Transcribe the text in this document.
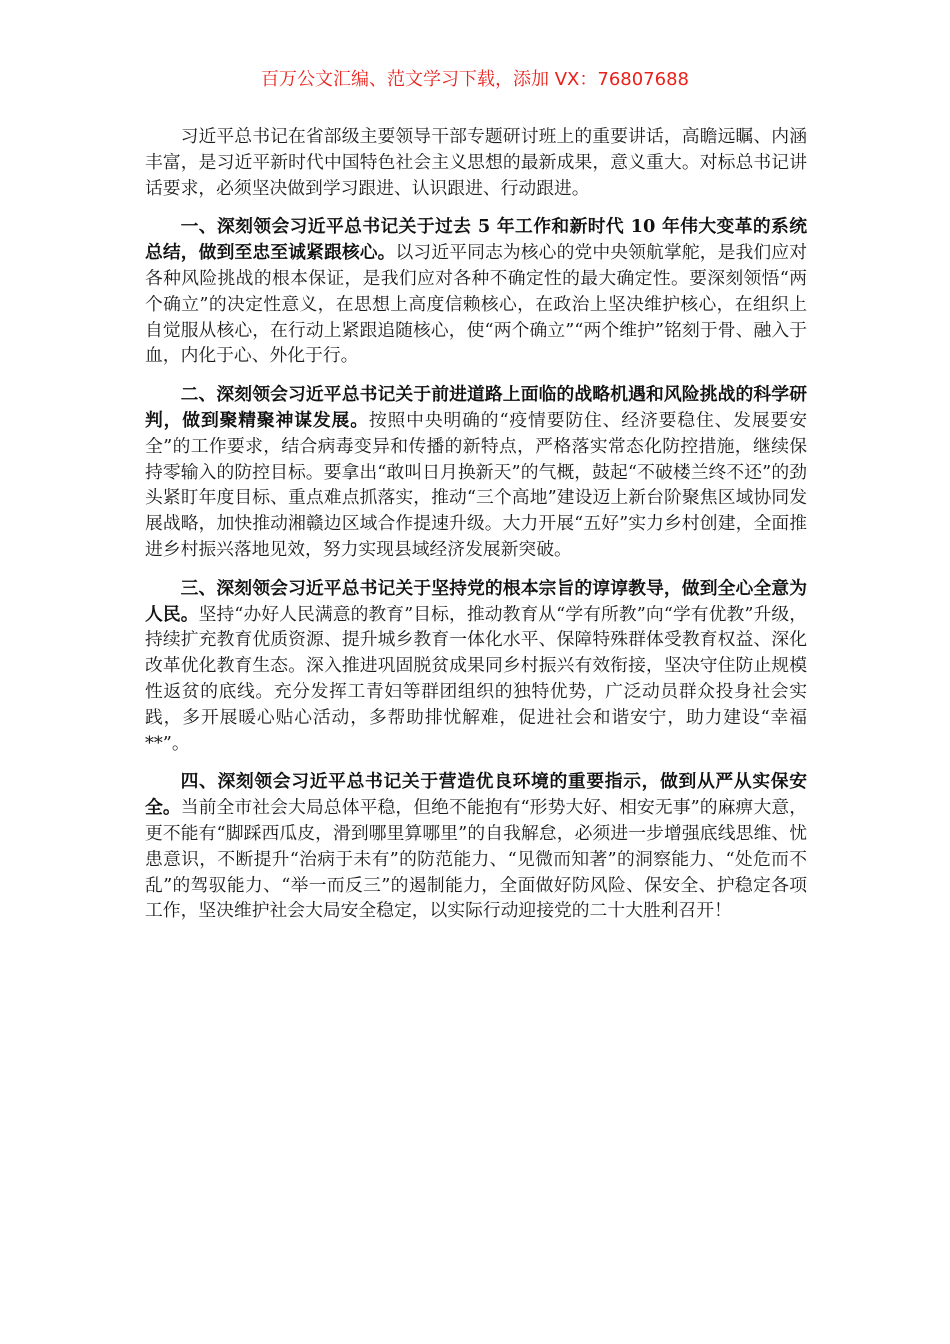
百万公文汇编、范文学习下载，添加 VX：76807688

习近平总书记在省部级主要领导干部专题研讨班上的重要讲话，高瞻远瞩、内涵丰富，是习近平新时代中国特色社会主义思想的最新成果，意义重大。对标总书记讲话要求，必须坚决做到学习跟进、认识跟进、行动跟进。

一、深刻领会习近平总书记关于过去 5 年工作和新时代 10 年伟大变革的系统总结，做到至忠至诚紧跟核心。以习近平同志为核心的党中央领航掌舵，是我们应对各种风险挑战的根本保证，是我们应对各种不确定性的最大确定性。要深刻领悟“两个确立”的决定性意义，在思想上高度信赖核心，在政治上坚决维护核心，在组织上自觉服从核心，在行动上紧跟追随核心，使“两个确立”“两个维护”铭刻于骨、融入于血，内化于心、外化于行。

二、深刻领会习近平总书记关于前进道路上面临的战略机遇和风险挑战的科学研判，做到聚精聚神谋发展。按照中央明确的“疫情要防住、经济要稳住、发展要安全”的工作要求，结合病毒变异和传播的新特点，严格落实常态化防控措施，继续保持零输入的防控目标。要拿出“敢叫日月换新天”的气概，鼓起“不破楼兰终不还”的劲头紧盯年度目标、重点难点抓落实，推动“三个高地”建设迈上新台阶聚焦区域协同发展战略，加快推动湘赣边区域合作提速升级。大力开展“五好”实力乡村创建，全面推进乡村振兴落地见效，努力实现县域经济发展新突破。

三、深刻领会习近平总书记关于坚持党的根本宗旨的谆谆教导，做到全心全意为人民。坚持“办好人民满意的教育”目标，推动教育从“学有所教”向“学有优教”升级，持续扩充教育优质资源、提升城乡教育一体化水平、保障特殊群体受教育权益、深化改革优化教育生态。深入推进巩固脱贫成果同乡村振兴有效衔接，坚决守住防止规模性返贫的底线。充分发挥工青妇等群团组织的独特优势，广泛动员群众投身社会实践，多开展暖心贴心活动，多帮助排忧解难，促进社会和谐安宁，助力建设“幸福**”。

四、深刻领会习近平总书记关于营造优良环境的重要指示，做到从严从实保安全。当前全市社会大局总体平稳，但绝不能抱有“形势大好、相安无事”的麻痹大意，更不能有“脚踩西瓜皮，滑到哪里算哪里”的自我解怠，必须进一步增强底线思维、忧患意识，不断提升“治病于未有”的防范能力、“见微而知著”的洞察能力、“处危而不乱”的驾驭能力、“举一而反三”的遏制能力，全面做好防风险、保安全、护稳定各项工作，坚决维护社会大局安全稳定，以实际行动迎接党的二十大胜利召开！
